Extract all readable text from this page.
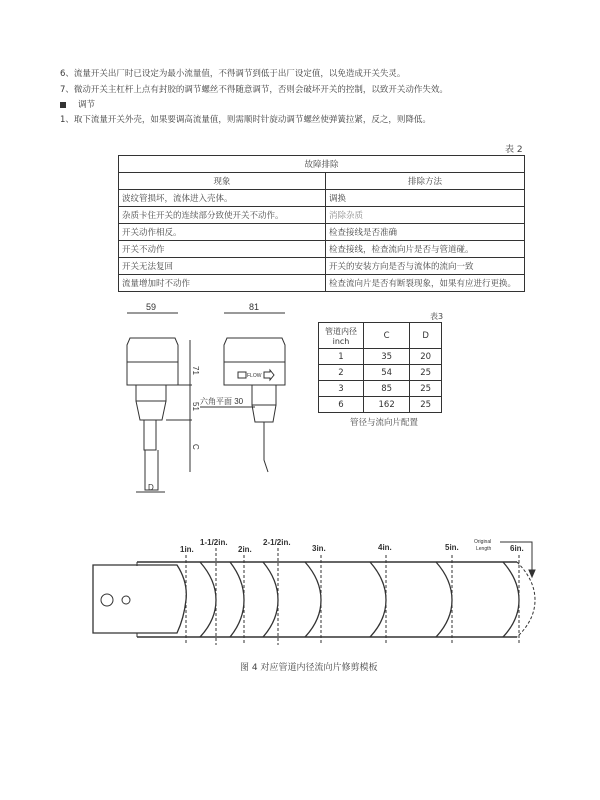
6、流量开关出厂时已设定为最小流量值，不得调节到低于出厂设定值，以免造成开关失灵。
7、微动开关主杠杆上点有封胶的调节螺丝不得随意调节，否则会破坏开关的控制，以致开关动作失效。
调节
1、取下流量开关外壳，如果要调高流量值，则需顺时针旋动调节螺丝使弹簧拉紧，反之，则降低。
表 2
故障排除	
现象	排除方法
波纹管损坏，流体进入壳体。	调换
杂质卡住开关的连续部分致使开关不动作。	消除杂质
开关动作相反。	检查接线是否准确
开关不动作	检查接线，检查流向片是否与管道碰。
开关无法复回	开关的安装方向是否与流体的流向一致
流量增加时不动作	检查流向片是否有断裂现象，如果有应进行更换。
59
71
51
C
D
81
FLOW
六角平面 30
1in.
1-1/2in.
2in.
2-1/2in.
3in.	4in.	5in.	6in.
Original
Length
表3
管道内径 inch	C	D
1	35	20
2	54	25
3	85	25
6	162	25
管径与流向片配置
图 4 对应管道内径流向片修剪模板
